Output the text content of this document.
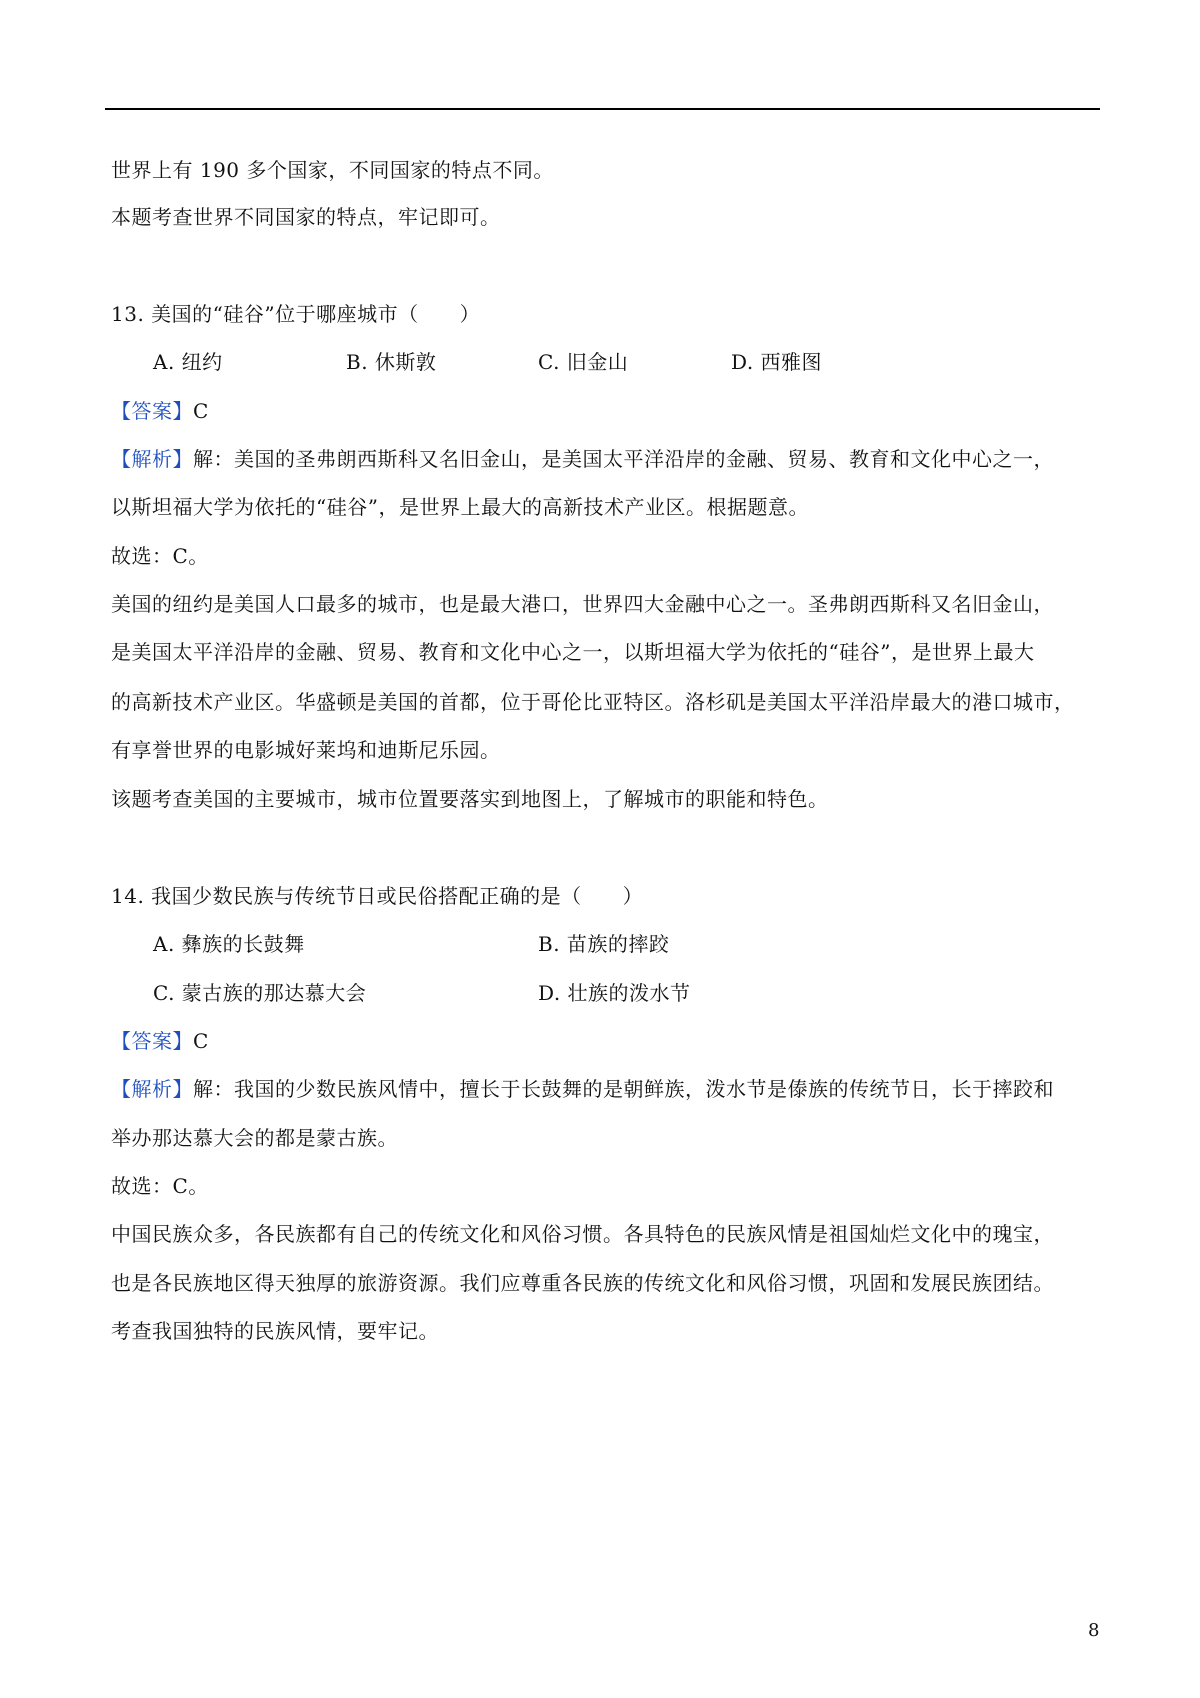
世界上有 190 多个国家，不同国家的特点不同。
本题考查世界不同国家的特点，牢记即可。
13. 美国的“硅谷”位于哪座城市（　　）
A. 纽约	B. 休斯敦	C. 旧金山	D. 西雅图
【答案】C
【解析】解：美国的圣弗朗西斯科又名旧金山，是美国太平洋沿岸的金融、贸易、教育和文化中心之一，
以斯坦福大学为依托的“硅谷”，是世界上最大的高新技术产业区。根据题意。
故选：C。
美国的纽约是美国人口最多的城市，也是最大港口，世界四大金融中心之一。圣弗朗西斯科又名旧金山，
是美国太平洋沿岸的金融、贸易、教育和文化中心之一，以斯坦福大学为依托的“硅谷”，是世界上最大
的高新技术产业区。华盛顿是美国的首都，位于哥伦比亚特区。洛杉矶是美国太平洋沿岸最大的港口城市，
有享誉世界的电影城好莱坞和迪斯尼乐园。
该题考查美国的主要城市，城市位置要落实到地图上，了解城市的职能和特色。
14. 我国少数民族与传统节日或民俗搭配正确的是（　　）
A. 彝族的长鼓舞	B. 苗族的摔跤
C. 蒙古族的那达慕大会	D. 壮族的泼水节
【答案】C
【解析】解：我国的少数民族风情中，擅长于长鼓舞的是朝鲜族，泼水节是傣族的传统节日，长于摔跤和
举办那达慕大会的都是蒙古族。
故选：C。
中国民族众多，各民族都有自己的传统文化和风俗习惯。各具特色的民族风情是祖国灿烂文化中的瑰宝，
也是各民族地区得天独厚的旅游资源。我们应尊重各民族的传统文化和风俗习惯，巩固和发展民族团结。
考查我国独特的民族风情，要牢记。
8
